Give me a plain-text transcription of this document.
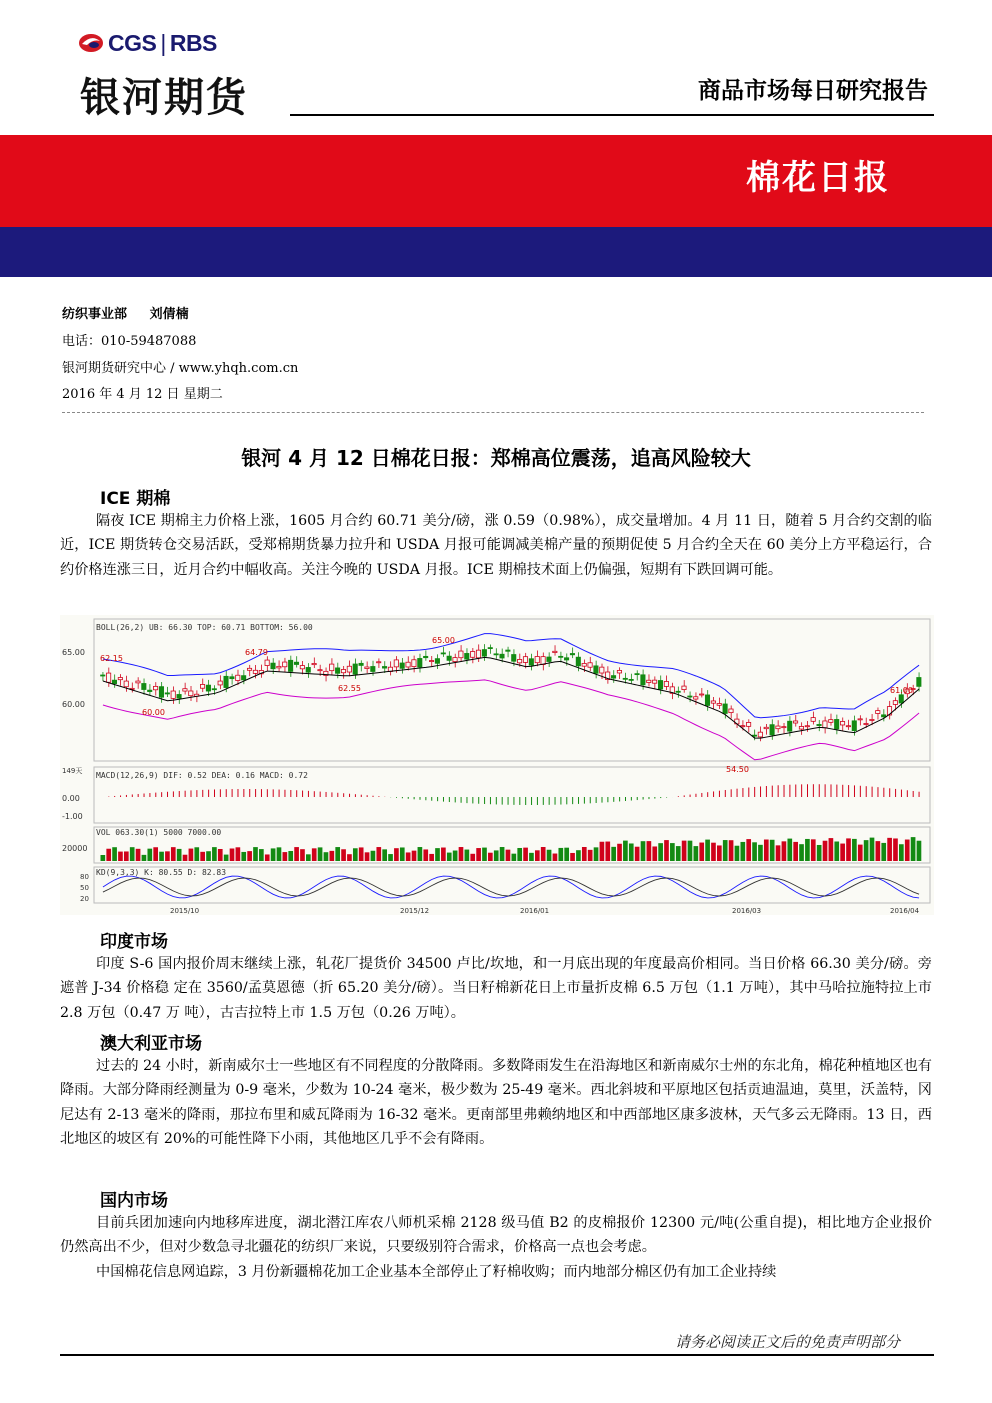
CGS | RBS
银河期货	商品市场每日研究报告
棉花日报
纺织事业部     刘倩楠
电话：010-59487088
银河期货研究中心 / www.yhqh.com.cn
2016 年 4 月 12 日 星期二
银河 4 月 12 日棉花日报：郑棉高位震荡，追高风险较大
ICE 期棉

隔夜 ICE 期棉主力价格上涨，1605 月合约 60.71 美分/磅，涨 0.59（0.98%），成交量增加。4 月 11 日，随着 5 月合约交割的临近，ICE 期货转仓交易活跃，受郑棉期货暴力拉升和 USDA 月报可能调减美棉产量的预期促使 5 月合约全天在 60 美分上方平稳运行，合约价格连涨三日，近月合约中幅收高。关注今晚的 USDA 月报。ICE 期棉技术面上仍偏强，短期有下跌回调可能。

BOLL(26,2) UB: 66.30 TOP: 60.71 BOTTOM: 56.00
MACD(12,26,9) DIF: 0.52 DEA: 0.16 MACD: 0.72
VOL 063.30(1) 5000 7000.00
KD(9,3,3) K: 80.55 D: 82.83
149天
65.00
60.00
0.00
-1.00
20000
80
50
20
2015/10	2015/12	2016/01	2016/03	2016/04
62.15
64.79
65.00
60.00
62.55
54.50
61.00
印度市场

印度 S-6 国内报价周末继续上涨，轧花厂提货价 34500 卢比/坎地，和一月底出现的年度最高价相同。当日价格 66.30 美分/磅。旁遮普 J-34 价格稳 定在 3560/孟莫恩德（折 65.20 美分/磅）。当日籽棉新花日上市量折皮棉 6.5 万包（1.1 万吨），其中马哈拉施特拉上市 2.8 万包（0.47 万 吨），古吉拉特上市 1.5 万包（0.26 万吨）。

澳大利亚市场

过去的 24 小时，新南威尔士一些地区有不同程度的分散降雨。多数降雨发生在沿海地区和新南威尔士州的东北角，棉花种植地区也有降雨。大部分降雨经测量为 0-9 毫米，少数为 10-24 毫米，极少数为 25-49 毫米。西北斜坡和平原地区包括贡迪温迪，莫里，沃盖特，冈尼达有 2-13 毫米的降雨，那拉布里和威瓦降雨为 16-32 毫米。更南部里弗赖纳地区和中西部地区康多波林，天气多云无降雨。13 日，西北地区的坡区有 20%的可能性降下小雨，其他地区几乎不会有降雨。

国内市场

目前兵团加速向内地移库进度，湖北潜江库农八师机采棉 2128 级马值 B2 的皮棉报价 12300 元/吨(公重自提)，相比地方企业报价仍然高出不少，但对少数急寻北疆花的纺织厂来说，只要级别符合需求，价格高一点也会考虑。

中国棉花信息网追踪，3 月份新疆棉花加工企业基本全部停止了籽棉收购；而内地部分棉区仍有加工企业持续

请务必阅读正文后的免责声明部分
